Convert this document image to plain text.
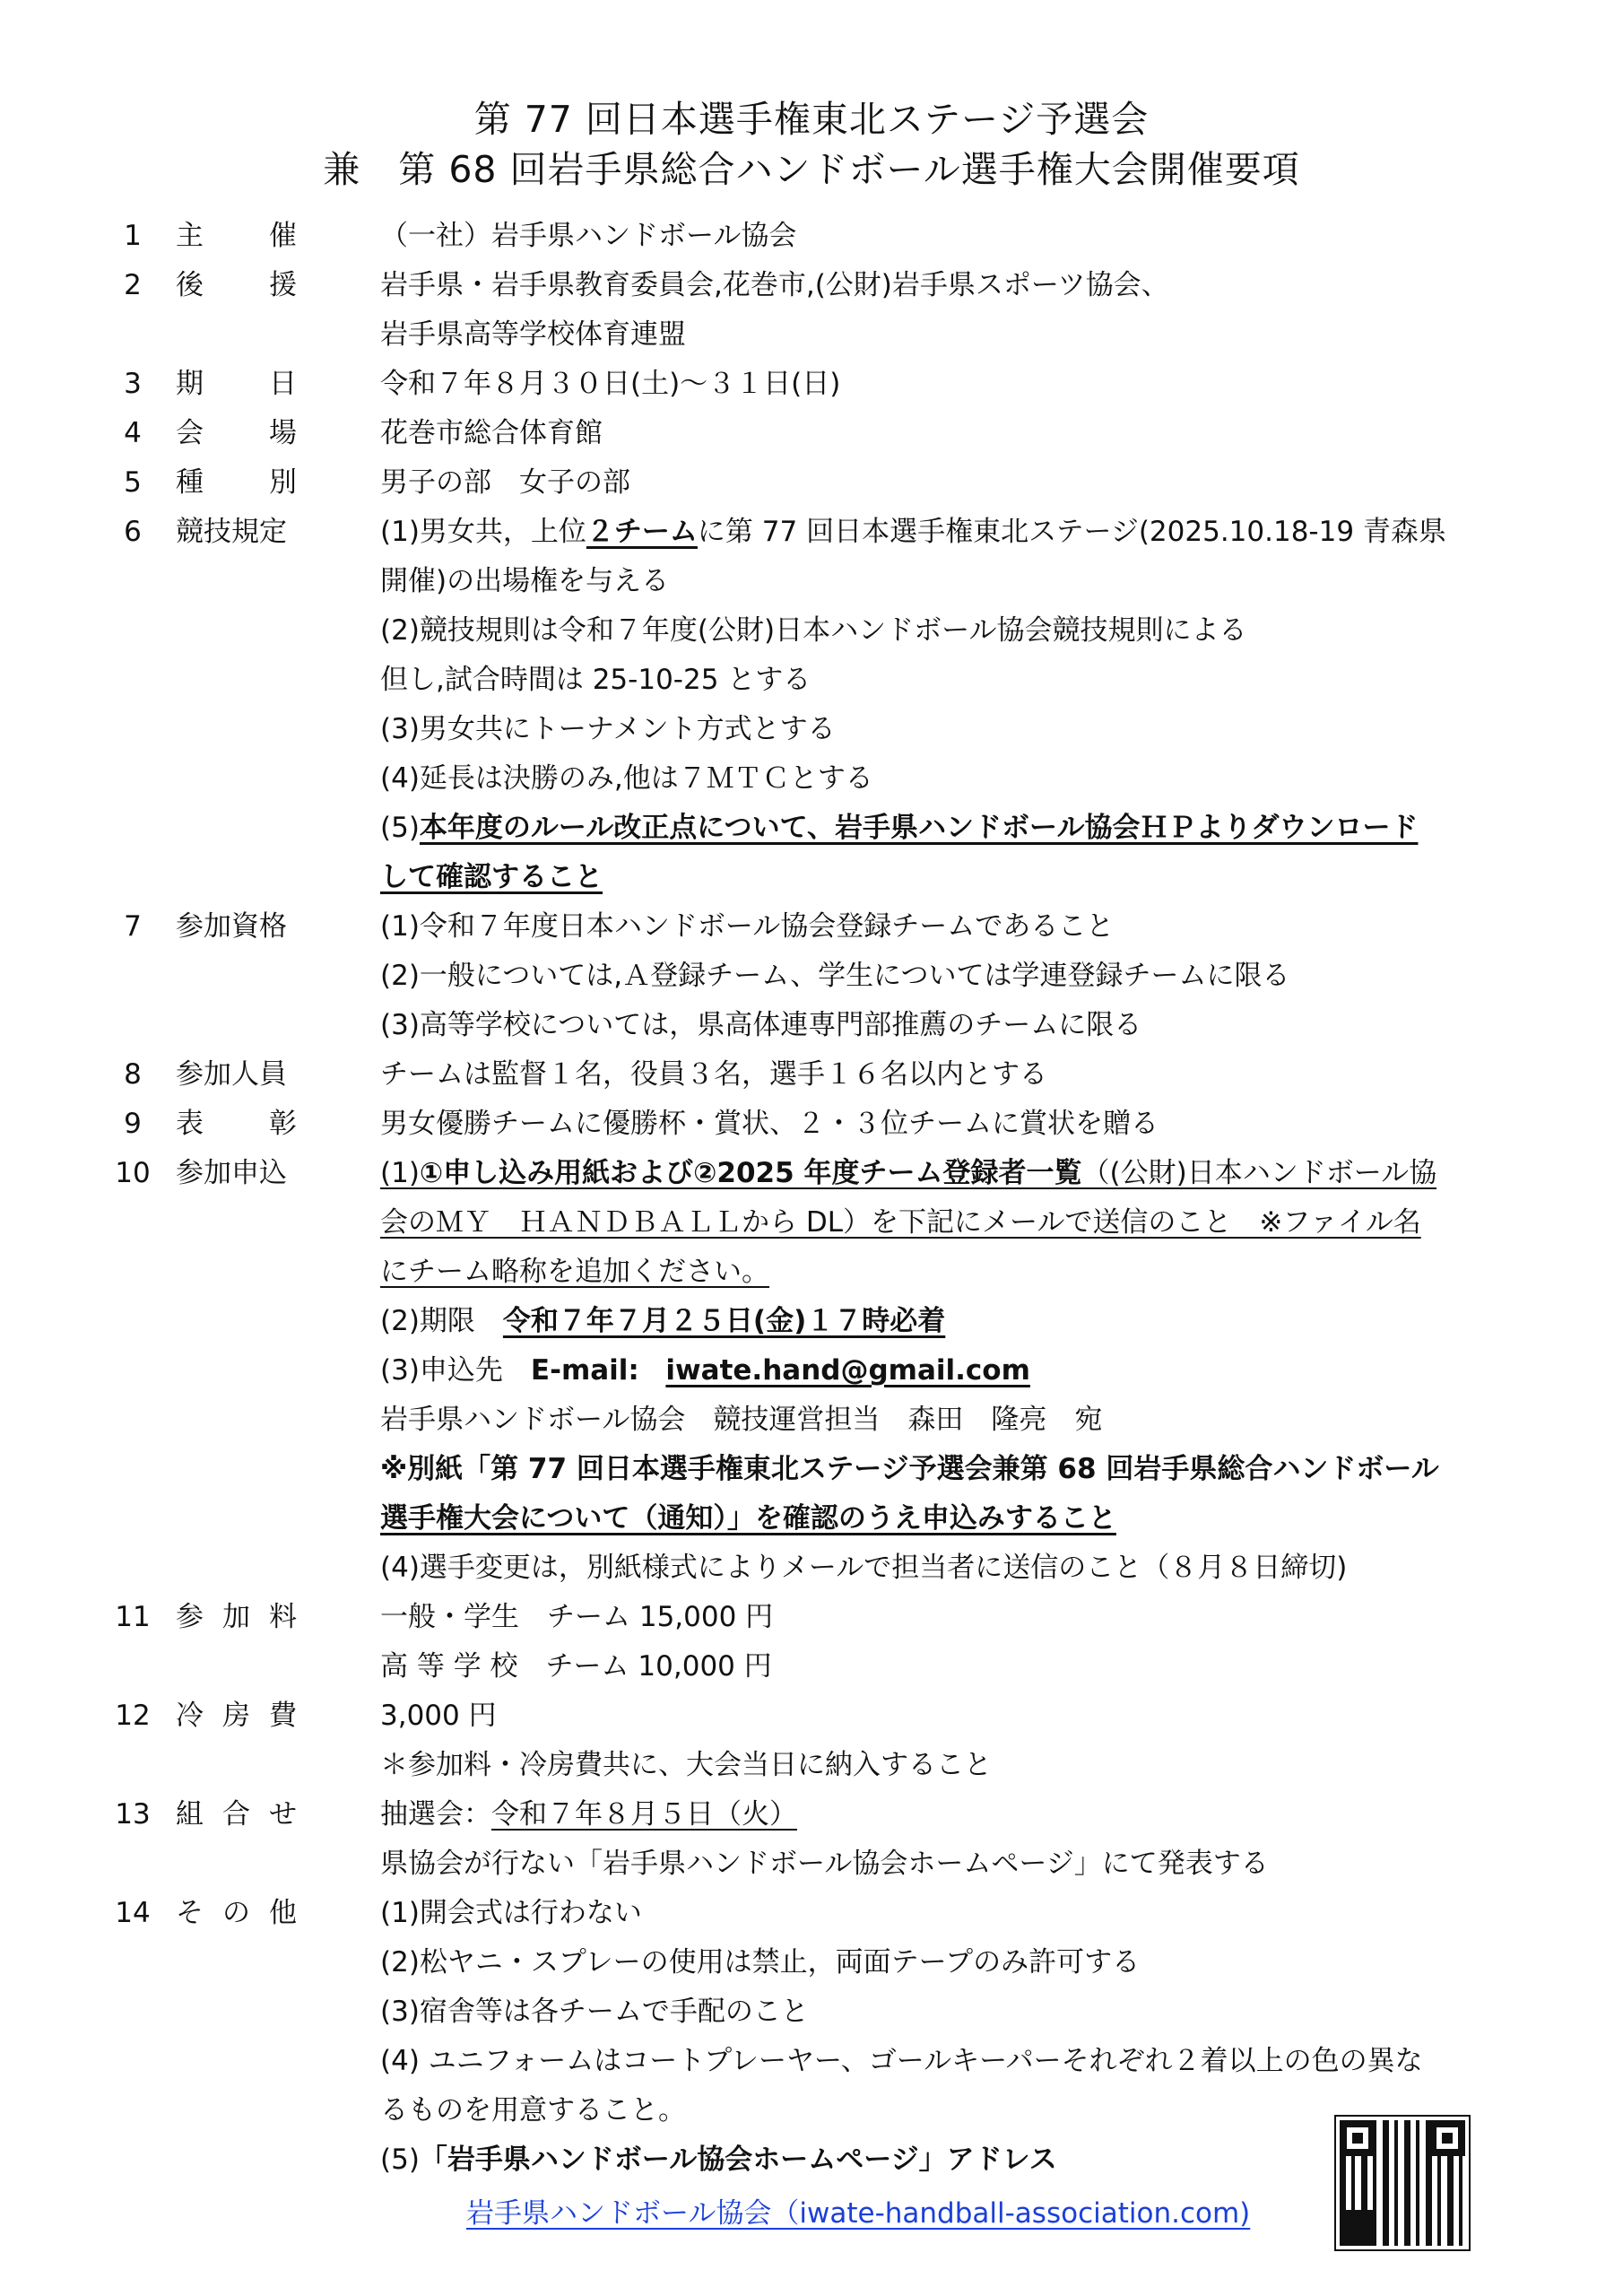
第 77 回日本選手権東北ステージ予選会
兼　第 68 回岩手県総合ハンドボール選手権大会開催要項
1	主　催	（一社）岩手県ハンドボール協会
2	後　援	岩手県・岩手県教育委員会,花巻市,(公財)岩手県スポーツ協会、
岩手県高等学校体育連盟
3	期　日	令和７年８月３０日(土)～３１日(日)
4	会　場	花巻市総合体育館
5	種　別	男子の部　女子の部
6	競技規定	(1)男女共，上位２チームに第 77 回日本選手権東北ステージ(2025.10.18-19 青森県
開催)の出場権を与える
(2)競技規則は令和７年度(公財)日本ハンドボール協会競技規則による
但し,試合時間は 25-10-25 とする
(3)男女共にトーナメント方式とする
(4)延長は決勝のみ,他は７ＭＴＣとする
(5)本年度のルール改正点について、岩手県ハンドボール協会ＨＰよりダウンロード
して確認すること
7	参加資格	(1)令和７年度日本ハンドボール協会登録チームであること
(2)一般については,Ａ登録チーム、学生については学連登録チームに限る
(3)高等学校については，県高体連専門部推薦のチームに限る
8	参加人員	チームは監督１名，役員３名，選手１６名以内とする
9	表　彰	男女優勝チームに優勝杯・賞状、２・３位チームに賞状を贈る
10 参加申込	(1)①申し込み用紙および②2025 年度チーム登録者一覧（(公財)日本ハンドボール協
会のＭＹ　ＨＡＮＤＢＡＬＬから DL）を下記にメールで送信のこと　※ファイル名
にチーム略称を追加ください。
(2)期限　令和７年７月２５日(金)１７時必着
(3)申込先　E-mail: iwate.hand@gmail.com
岩手県ハンドボール協会　競技運営担当　森田　隆亮　宛
※別紙「第 77 回日本選手権東北ステージ予選会兼第 68 回岩手県総合ハンドボール
選手権大会について（通知）」を確認のうえ申込みすること
(4)選手変更は，別紙様式によりメールで担当者に送信のこと（８月８日締切)
11 参加料	一般・学生　チーム 15,000 円
高 等 学 校　チーム 10,000 円
12 冷房費	3,000 円
＊参加料・冷房費共に、大会当日に納入すること
13 組合せ	抽選会：令和７年８月５日（火）
県協会が行ない「岩手県ハンドボール協会ホームページ」にて発表する
14 その他	(1)開会式は行わない
(2)松ヤニ・スプレーの使用は禁止，両面テープのみ許可する
(3)宿舎等は各チームで手配のこと
(4) ユニフォームはコートプレーヤー、ゴールキーパーそれぞれ２着以上の色の異な
るものを用意すること。
(5)「岩手県ハンドボール協会ホームページ」アドレス
岩手県ハンドボール協会（iwate-handball-association.com)
